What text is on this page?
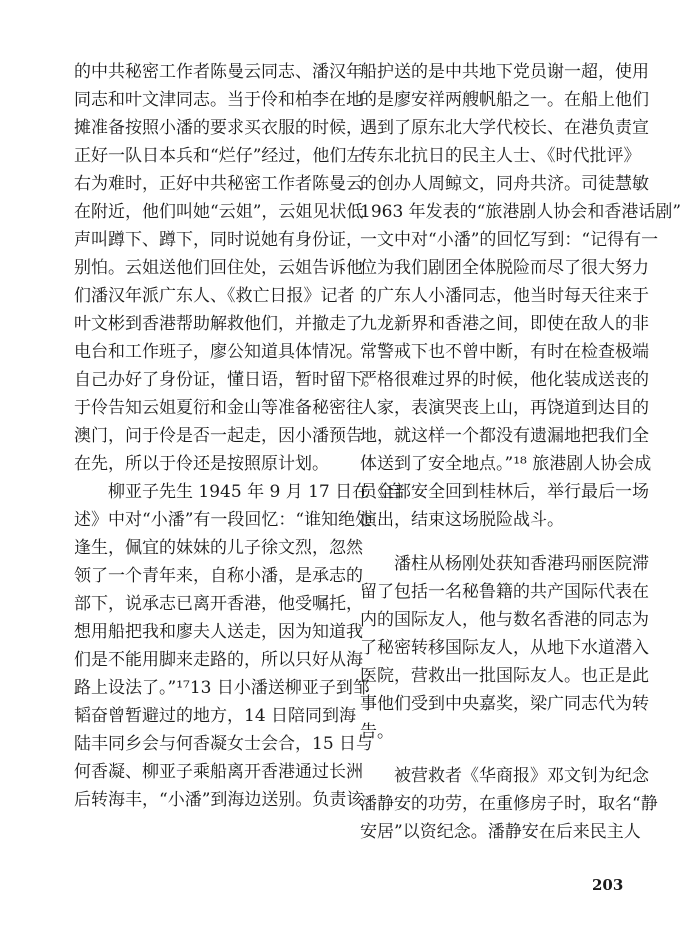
的中共秘密工作者陈曼云同志、潘汉年
同志和叶文津同志。当于伶和柏李在地
摊准备按照小潘的要求买衣服的时候，
正好一队日本兵和“烂仔”经过，他们左
右为难时，正好中共秘密工作者陈曼云
在附近，他们叫她“云姐”，云姐见状低
声叫蹲下、蹲下，同时说她有身份证，
别怕。云姐送他们回住处，云姐告诉他
们潘汉年派广东人、《救亡日报》记者
叶文彬到香港帮助解救他们，并撤走了
电台和工作班子，廖公知道具体情况。
自己办好了身份证，懂日语，暂时留下。
于伶告知云姐夏衍和金山等准备秘密往
澳门，问于伶是否一起走，因小潘预告
在先，所以于伶还是按照原计划。
　　柳亚子先生 1945 年 9 月 17 日在《自
述》中对“小潘”有一段回忆：“谁知绝处
逢生，佩宜的妹妹的儿子徐文烈，忽然
领了一个青年来，自称小潘，是承志的
部下，说承志已离开香港，他受嘱托，
想用船把我和廖夫人送走，因为知道我
们是不能用脚来走路的，所以只好从海
路上设法了。”¹⁷13 日小潘送柳亚子到邹
韬奋曾暂避过的地方，14 日陪同到海
陆丰同乡会与何香凝女士会合，15 日与
何香凝、柳亚子乘船离开香港通过长洲
后转海丰，“小潘”到海边送别。负责该
船护送的是中共地下党员谢一超，使用
的是廖安祥两艘帆船之一。在船上他们
遇到了原东北大学代校长、在港负责宣
传东北抗日的民主人士、《时代批评》
的创办人周鲸文，同舟共济。司徒慧敏
1963 年发表的“旅港剧人协会和香港话剧”
一文中对“小潘”的回忆写到：“记得有一
位为我们剧团全体脱险而尽了很大努力
的广东人小潘同志，他当时每天往来于
九龙新界和香港之间，即使在敌人的非
常警戒下也不曾中断，有时在检查极端
严格很难过界的时候，他化装成送丧的
人家，表演哭丧上山，再饶道到达目的
地，就这样一个都没有遗漏地把我们全
体送到了安全地点。”¹⁸ 旅港剧人协会成
员全部安全回到桂林后，举行最后一场
演出，结束这场脱险战斗。
　　潘柱从杨刚处获知香港玛丽医院滞
留了包括一名秘鲁籍的共产国际代表在
内的国际友人，他与数名香港的同志为
了秘密转移国际友人，从地下水道潜入
医院，营救出一批国际友人。也正是此
事他们受到中央嘉奖，梁广同志代为转
告。
　　被营救者《华商报》邓文钊为纪念
潘静安的功劳，在重修房子时，取名“静
安居”以资纪念。潘静安在后来民主人
203
